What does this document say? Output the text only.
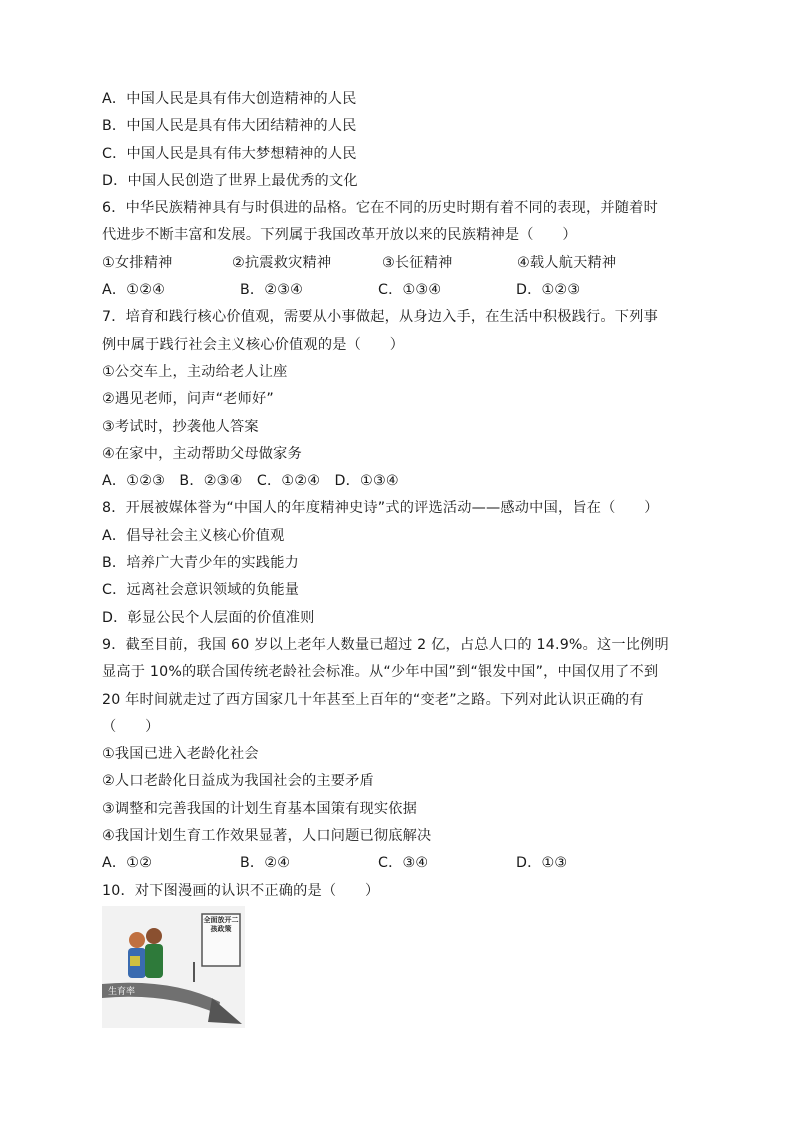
A．中国人民是具有伟大创造精神的人民
B．中国人民是具有伟大团结精神的人民
C．中国人民是具有伟大梦想精神的人民
D．中国人民创造了世界上最优秀的文化
6．中华民族精神具有与时俱进的品格。它在不同的历史时期有着不同的表现，并随着时
代进步不断丰富和发展。下列属于我国改革开放以来的民族精神是（　　）
①女排精神	②抗震救灾精神	③长征精神	④载人航天精神
A．①②④	B．②③④	C．①③④	D．①②③
7．培育和践行核心价值观，需要从小事做起，从身边入手，在生活中积极践行。下列事
例中属于践行社会主义核心价值观的是（　　）
①公交车上，主动给老人让座
②遇见老师，问声“老师好”
③考试时，抄袭他人答案
④在家中，主动帮助父母做家务
A．①②③　B．②③④　C．①②④　D．①③④
8．开展被媒体誉为“中国人的年度精神史诗”式的评选活动——感动中国，旨在（　　）
A．倡导社会主义核心价值观
B．培养广大青少年的实践能力
C．远离社会意识领域的负能量
D．彰显公民个人层面的价值准则
9．截至目前，我国 60 岁以上老年人数量已超过 2 亿，占总人口的 14.9%。这一比例明
显高于 10%的联合国传统老龄社会标准。从“少年中国”到“银发中国”，中国仅用了不到
20 年时间就走过了西方国家几十年甚至上百年的“变老”之路。下列对此认识正确的有
（　　）
①我国已进入老龄化社会
②人口老龄化日益成为我国社会的主要矛盾
③调整和完善我国的计划生育基本国策有现实依据
④我国计划生育工作效果显著，人口问题已彻底解决
A．①②	B．②④	C．③④	D．①③
10．对下图漫画的认识不正确的是（　　）
生育率
全面放开二孩政策
